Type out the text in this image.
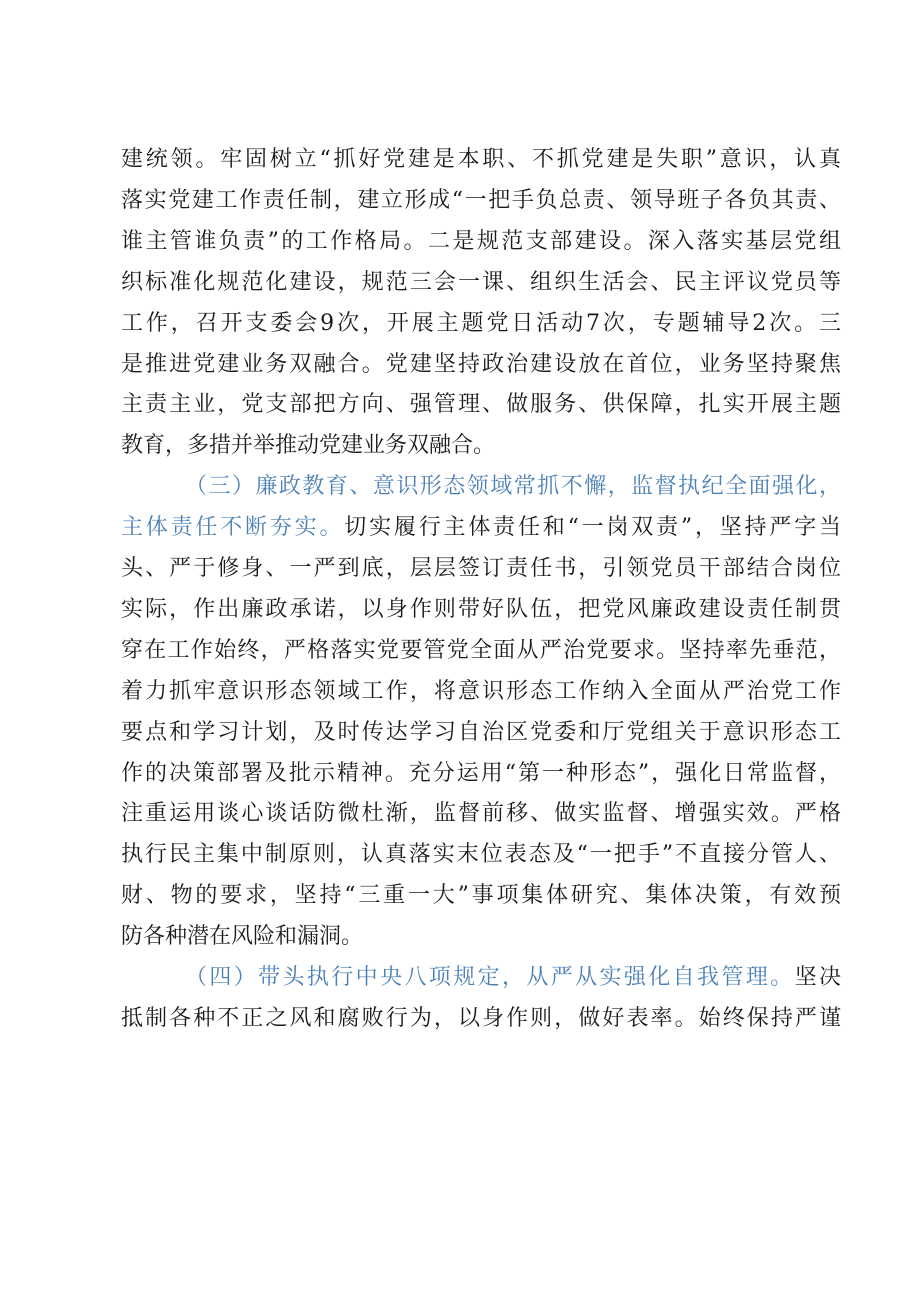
建统领。牢固树立“抓好党建是本职、不抓党建是失职”意识，认真
落实党建工作责任制，建立形成“一把手负总责、领导班子各负其责、
谁主管谁负责”的工作格局。二是规范支部建设。深入落实基层党组
织标准化规范化建设，规范三会一课、组织生活会、民主评议党员等
工作，召开支委会9次，开展主题党日活动7次，专题辅导2次。三
是推进党建业务双融合。党建坚持政治建设放在首位，业务坚持聚焦
主责主业，党支部把方向、强管理、做服务、供保障，扎实开展主题
教育，多措并举推动党建业务双融合。
（三）廉政教育、意识形态领域常抓不懈，监督执纪全面强化，
主体责任不断夯实。切实履行主体责任和“一岗双责”，坚持严字当
头、严于修身、一严到底，层层签订责任书，引领党员干部结合岗位
实际，作出廉政承诺，以身作则带好队伍，把党风廉政建设责任制贯
穿在工作始终，严格落实党要管党全面从严治党要求。坚持率先垂范，
着力抓牢意识形态领域工作，将意识形态工作纳入全面从严治党工作
要点和学习计划，及时传达学习自治区党委和厅党组关于意识形态工
作的决策部署及批示精神。充分运用“第一种形态”，强化日常监督，
注重运用谈心谈话防微杜渐，监督前移、做实监督、增强实效。严格
执行民主集中制原则，认真落实末位表态及“一把手”不直接分管人、
财、物的要求，坚持“三重一大”事项集体研究、集体决策，有效预
防各种潜在风险和漏洞。
（四）带头执行中央八项规定，从严从实强化自我管理。坚决
抵制各种不正之风和腐败行为，以身作则，做好表率。始终保持严谨
